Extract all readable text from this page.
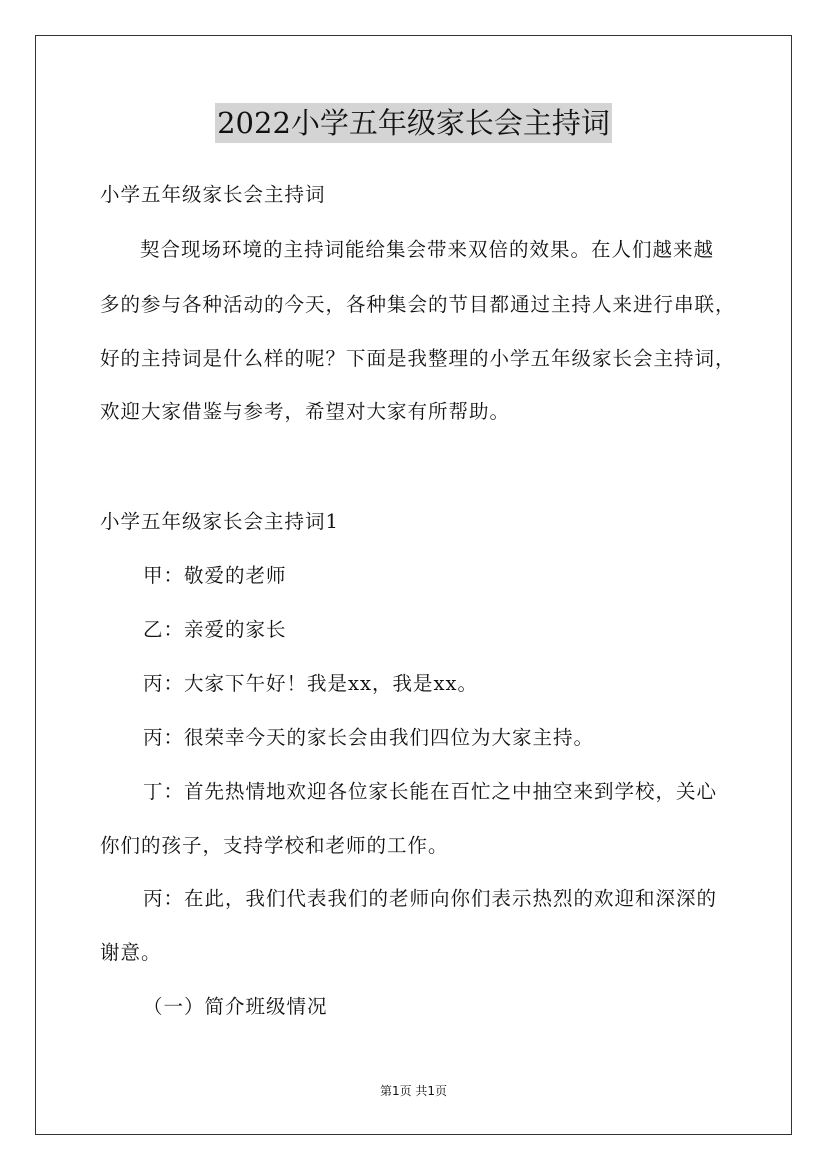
2022小学五年级家长会主持词
小学五年级家长会主持词
契合现场环境的主持词能给集会带来双倍的效果。在人们越来越
多的参与各种活动的今天，各种集会的节目都通过主持人来进行串联，
好的主持词是什么样的呢？下面是我整理的小学五年级家长会主持词，
欢迎大家借鉴与参考，希望对大家有所帮助。
小学五年级家长会主持词1
甲：敬爱的老师
乙：亲爱的家长
丙：大家下午好！我是xx，我是xx。
丙：很荣幸今天的家长会由我们四位为大家主持。
丁：首先热情地欢迎各位家长能在百忙之中抽空来到学校，关心
你们的孩子，支持学校和老师的工作。
丙：在此，我们代表我们的老师向你们表示热烈的欢迎和深深的
谢意。
（一）简介班级情况
第1页 共1页
